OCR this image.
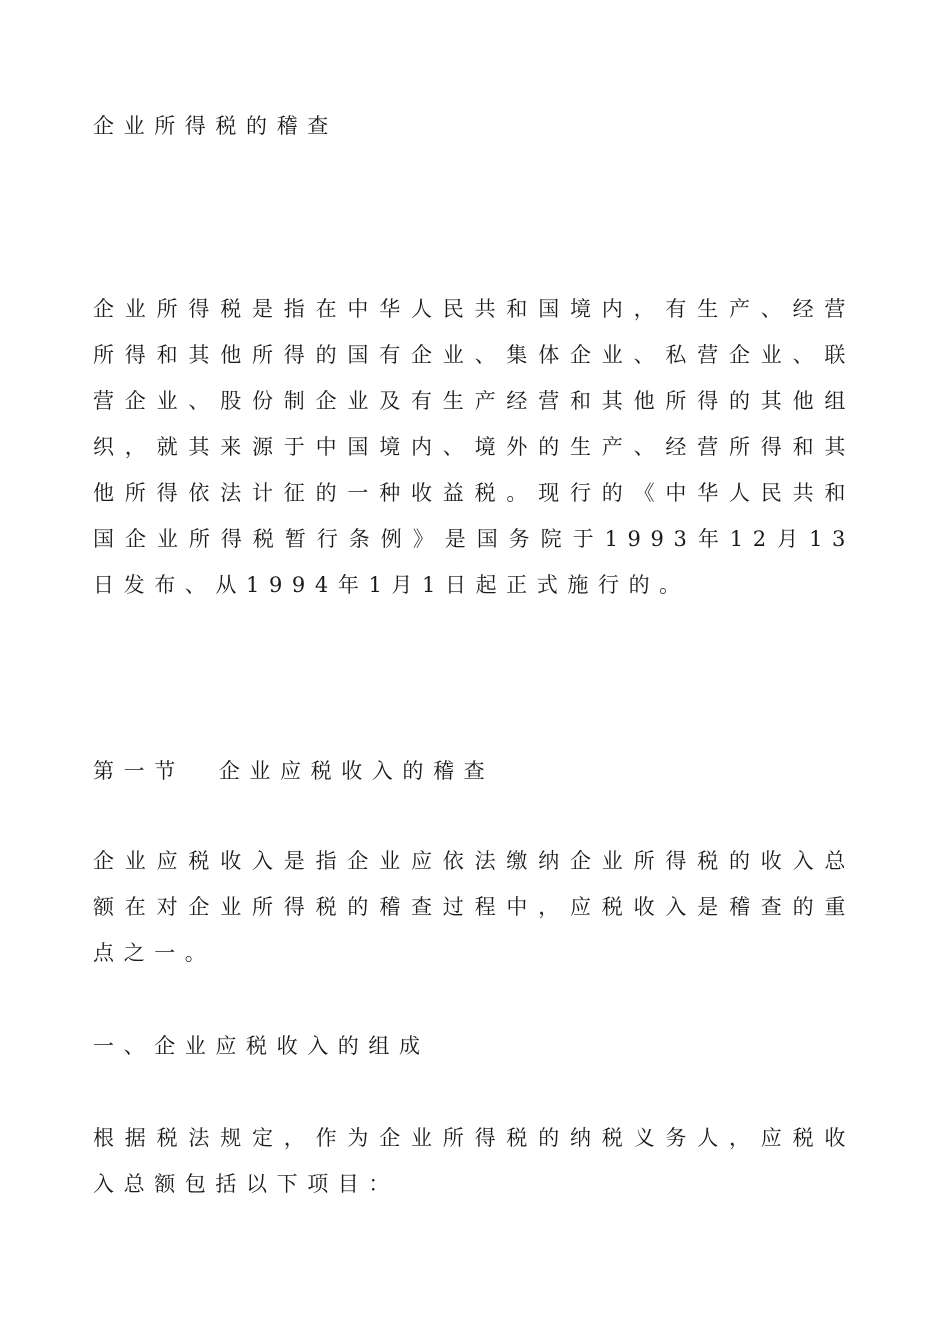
企业所得税的稽查
企业所得税是指在中华人民共和国境内，有生产、经营所得和其他所得的国有企业、集体企业、私营企业、联营企业、股份制企业及有生产经营和其他所得的其他组织，就其来源于中国境内、境外的生产、经营所得和其他所得依法计征的一种收益税。现行的《中华人民共和国企业所得税暂行条例》是国务院于1993年12月13日发布、从1994年1月1日起正式施行的。
第一节 企业应税收入的稽查
企业应税收入是指企业应依法缴纳企业所得税的收入总额在对企业所得税的稽查过程中，应税收入是稽查的重点之一。
一、企业应税收入的组成
根据税法规定，作为企业所得税的纳税义务人，应税收入总额包括以下项目：
